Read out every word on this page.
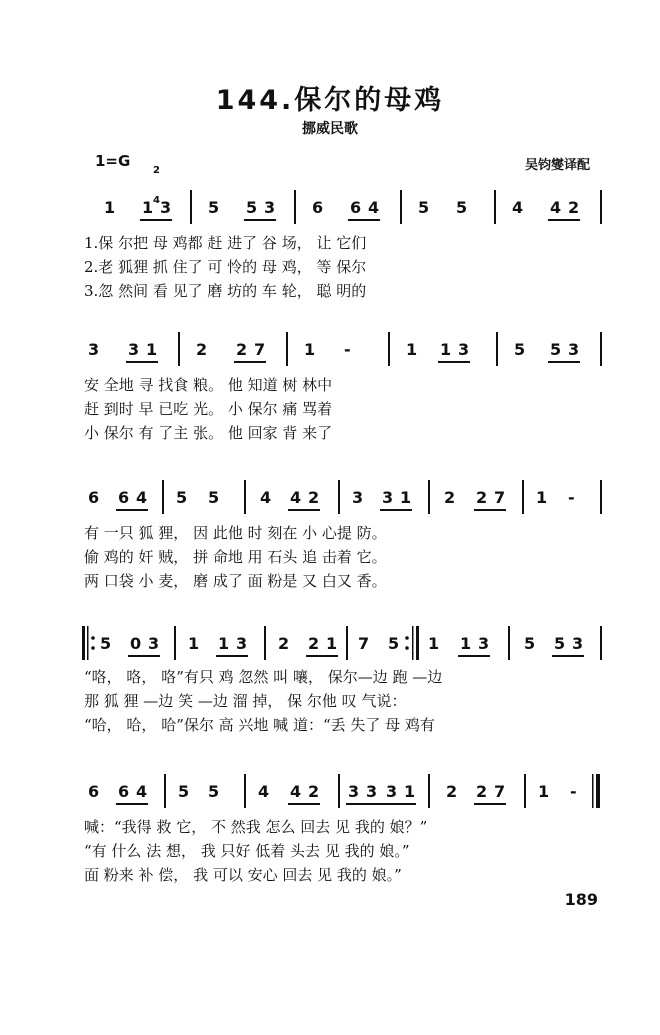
144.保尔的母鸡
挪威民歌
1=G

2

4

吴钧燮译配
1 1 3 5 5 3 6 6 4 5 5	4 4 2
1.保 尔把 母 鸡都 赶 进了 谷 场， 让 它们
2.老 狐狸 抓 住了 可 怜的 母 鸡， 等 保尔
3.忽 然间 看 见了 磨 坊的 车 轮， 聪 明的
3 3 1 2 2 7 1 -	1 1 3	5 5 3
安 全地 寻 找食 粮。 他 知道 树 林中
赶 到时 早 已吃 光。 小 保尔 痛 骂着
小 保尔 有 了主 张。 他 回家 背 来了
6 6 4 5 5	4 4 2 3 3 1 2 2 7 1 -
有 一只 狐 狸， 因 此他 时 刻在 小 心提 防。
偷 鸡的 奸 贼， 拼 命地 用 石头 追 击着 它。
两 口袋 小 麦， 磨 成了 面 粉是 又 白又 香。
5 0 3 1 1 3 2 2 1 7 5 1 1 3 5 5 3
“咯， 咯， 咯”有只 鸡 忽然 叫 嚷， 保尔—边 跑 —边
那 狐 狸 —边 笑 —边 溜 掉， 保 尔他 叹 气说：
“哈， 哈， 哈”保尔 高 兴地 喊 道：“丢 失了 母 鸡有
6 6 4 5 5 4 4 2 3 3 3 1 2 2 7 1 -
喊：“我得 救 它， 不 然我 怎么 回去 见 我的 娘？”
“有 什么 法 想， 我 只好 低着 头去 见 我的 娘。”
面 粉来 补 偿， 我 可以 安心 回去 见 我的 娘。”
189
